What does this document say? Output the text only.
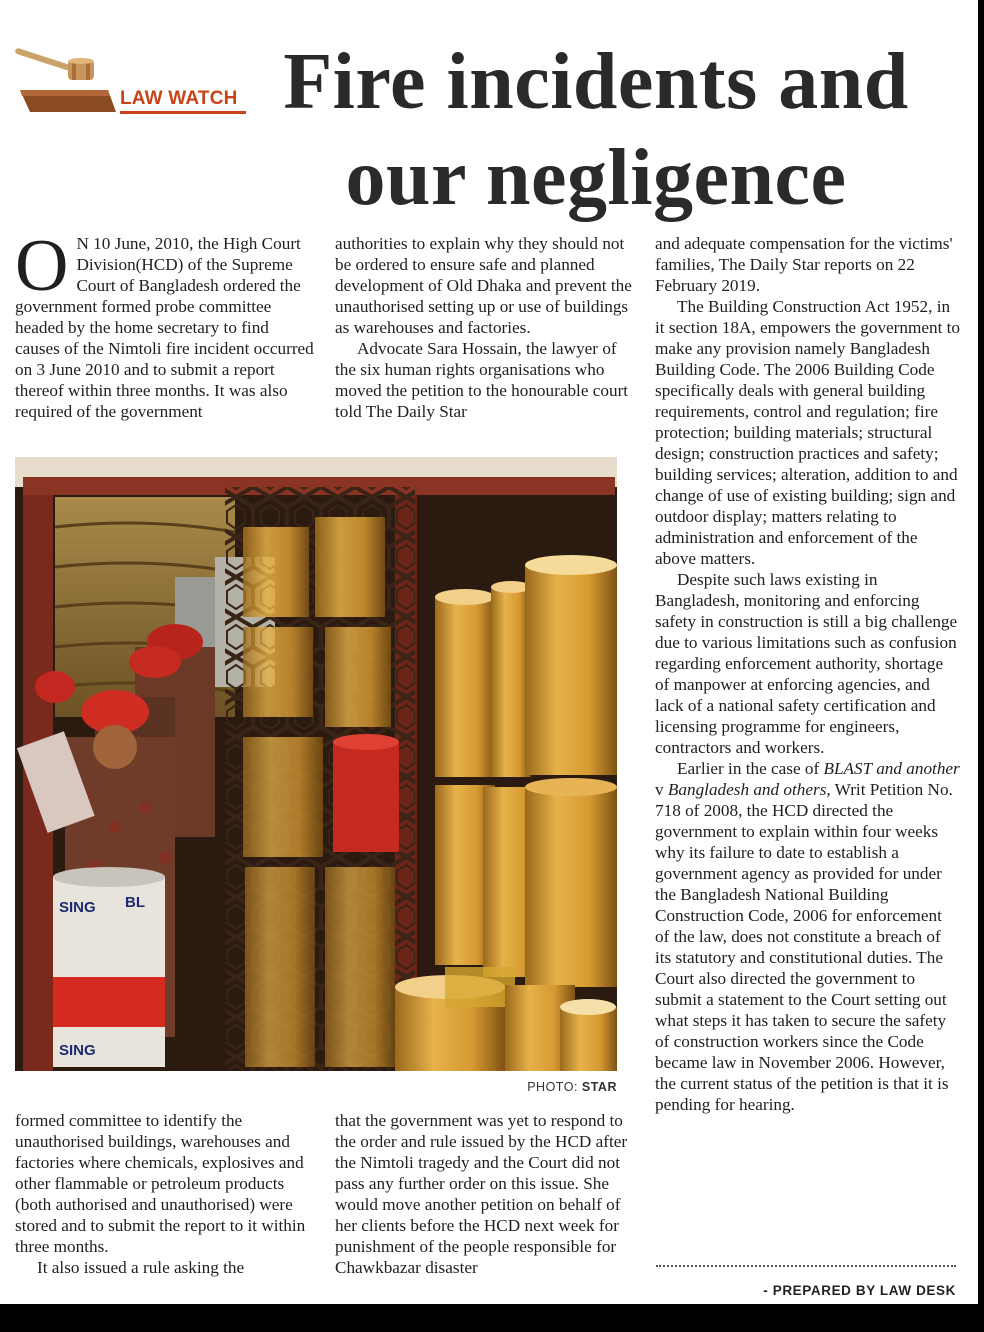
LAW WATCH Fire incidents and our negligence

O N 10 June, 2010, the High Court Division(HCD) of the Supreme Court of Bangladesh ordered the government formed probe committee headed by the home secretary to find causes of the Nimtoli fire incident occurred on 3 June 2010 and to submit a report thereof within three months. It was also required of the government

authorities to explain why they should not be ordered to ensure safe and planned development of Old Dhaka and prevent the unauthorised setting up or use of buildings as warehouses and factories.

Advocate Sara Hossain, the lawyer of the six human rights organisations who moved the petition to the honourable court told The Daily Star

and adequate compensation for the victims' families, The Daily Star reports on 22 February 2019.

The Building Construction Act 1952, in it section 18A, empowers the government to make any provision namely Bangladesh Building Code. The 2006 Building Code specifically deals with general building requirements, control and regulation; fire protection; building materials; structural design; construction practices and safety; building services; alteration, addition to and change of use of existing building; sign and outdoor display; matters relating to administration and enforcement of the above matters.

Despite such laws existing in Bangladesh, monitoring and enforcing safety in construction is still a big challenge due to various limitations such as confusion regarding enforcement authority, shortage of manpower at enforcing agencies, and lack of a national safety certification and licensing programme for engineers, contractors and workers.

Earlier in the case of BLAST and another v Bangladesh and others, Writ Petition No. 718 of 2008, the HCD directed the government to explain within four weeks why its failure to date to establish a government agency as provided for under the Bangladesh National Building Construction Code, 2006 for enforcement of the law, does not constitute a breach of its statutory and constitutional duties. The Court also directed the government to submit a statement to the Court setting out what steps it has taken to secure the safety of construction workers since the Code became law in November 2006. However, the current status of the petition is that it is pending for hearing.

SING BL
SING
PHOTO: STAR

formed committee to identify the unauthorised buildings, warehouses and factories where chemicals, explosives and other flammable or petroleum products (both authorised and unauthorised) were stored and to submit the report to it within three months.

It also issued a rule asking the

that the government was yet to respond to the order and rule issued by the HCD after the Nimtoli tragedy and the Court did not pass any further order on this issue. She would move another petition on behalf of her clients before the HCD next week for punishment of the people responsible for Chawkbazar disaster

- PREPARED BY LAW DESK
